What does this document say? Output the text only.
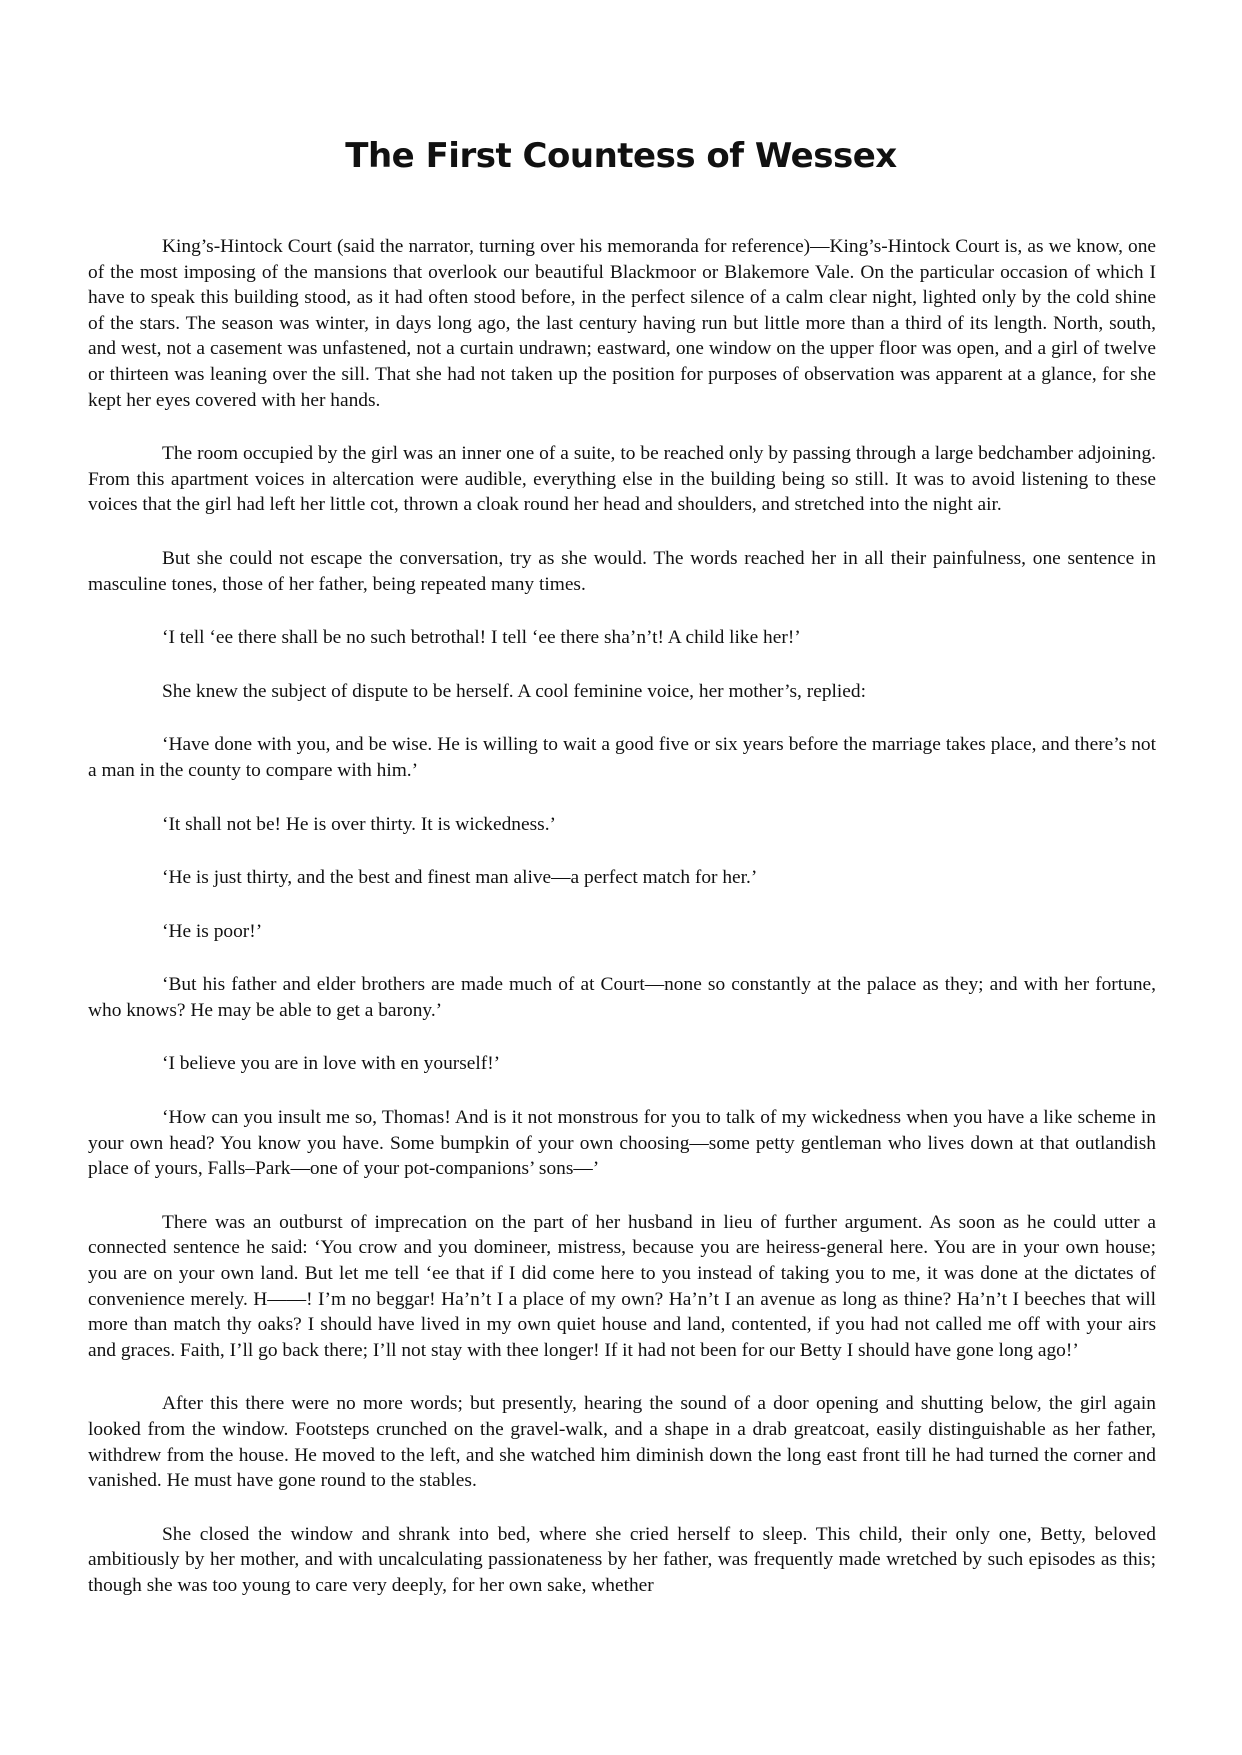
The First Countess of Wessex

King’s-Hintock Court (said the narrator, turning over his memoranda for reference)—King’s-Hintock Court is, as we know, one of the most imposing of the mansions that overlook our beautiful Blackmoor or Blakemore Vale. On the particular occasion of which I have to speak this building stood, as it had often stood before, in the perfect silence of a calm clear night, lighted only by the cold shine of the stars. The season was winter, in days long ago, the last century having run but little more than a third of its length. North, south, and west, not a casement was unfastened, not a curtain undrawn; eastward, one window on the upper floor was open, and a girl of twelve or thirteen was leaning over the sill. That she had not taken up the position for purposes of observation was apparent at a glance, for she kept her eyes covered with her hands.

The room occupied by the girl was an inner one of a suite, to be reached only by passing through a large bedchamber adjoining. From this apartment voices in altercation were audible, everything else in the building being so still. It was to avoid listening to these voices that the girl had left her little cot, thrown a cloak round her head and shoulders, and stretched into the night air.

But she could not escape the conversation, try as she would. The words reached her in all their painfulness, one sentence in masculine tones, those of her father, being repeated many times.

‘I tell ‘ee there shall be no such betrothal! I tell ‘ee there sha’n’t! A child like her!’

She knew the subject of dispute to be herself. A cool feminine voice, her mother’s, replied:

‘Have done with you, and be wise. He is willing to wait a good five or six years before the marriage takes place, and there’s not a man in the county to compare with him.’

‘It shall not be! He is over thirty. It is wickedness.’

‘He is just thirty, and the best and finest man alive—a perfect match for her.’

‘He is poor!’

‘But his father and elder brothers are made much of at Court—none so constantly at the palace as they; and with her fortune, who knows? He may be able to get a barony.’

‘I believe you are in love with en yourself!’

‘How can you insult me so, Thomas! And is it not monstrous for you to talk of my wickedness when you have a like scheme in your own head? You know you have. Some bumpkin of your own choosing—some petty gentleman who lives down at that outlandish place of yours, Falls–Park—one of your pot-companions’ sons—’

There was an outburst of imprecation on the part of her husband in lieu of further argument. As soon as he could utter a connected sentence he said: ‘You crow and you domineer, mistress, because you are heiress-general here. You are in your own house; you are on your own land. But let me tell ‘ee that if I did come here to you instead of taking you to me, it was done at the dictates of convenience merely. H——! I’m no beggar! Ha’n’t I a place of my own? Ha’n’t I an avenue as long as thine? Ha’n’t I beeches that will more than match thy oaks? I should have lived in my own quiet house and land, contented, if you had not called me off with your airs and graces. Faith, I’ll go back there; I’ll not stay with thee longer! If it had not been for our Betty I should have gone long ago!’

After this there were no more words; but presently, hearing the sound of a door opening and shutting below, the girl again looked from the window. Footsteps crunched on the gravel-walk, and a shape in a drab greatcoat, easily distinguishable as her father, withdrew from the house. He moved to the left, and she watched him diminish down the long east front till he had turned the corner and vanished. He must have gone round to the stables.

She closed the window and shrank into bed, where she cried herself to sleep. This child, their only one, Betty, beloved ambitiously by her mother, and with uncalculating passionateness by her father, was frequently made wretched by such episodes as this; though she was too young to care very deeply, for her own sake, whether
